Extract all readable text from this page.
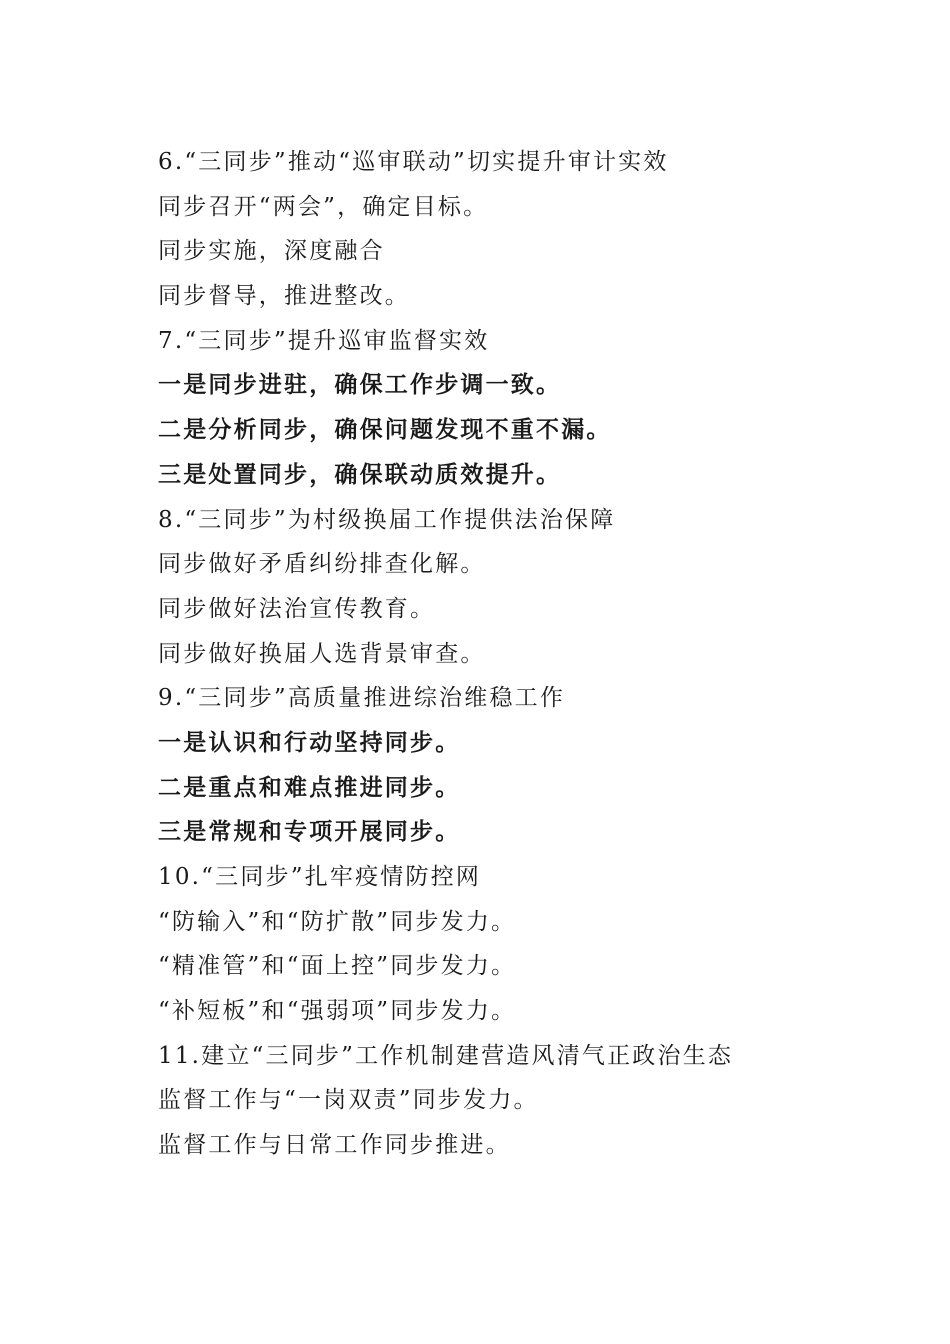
6.“三同步”推动“巡审联动”切实提升审计实效
同步召开“两会”，确定目标。
同步实施，深度融合
同步督导，推进整改。
7.“三同步”提升巡审监督实效
一是同步进驻，确保工作步调一致。
二是分析同步，确保问题发现不重不漏。
三是处置同步，确保联动质效提升。
8.“三同步”为村级换届工作提供法治保障
同步做好矛盾纠纷排查化解。
同步做好法治宣传教育。
同步做好换届人选背景审查。
9.“三同步”高质量推进综治维稳工作
一是认识和行动坚持同步。
二是重点和难点推进同步。
三是常规和专项开展同步。
10.“三同步”扎牢疫情防控网
“防输入”和“防扩散”同步发力。
“精准管”和“面上控”同步发力。
“补短板”和“强弱项”同步发力。
11.建立“三同步”工作机制建营造风清气正政治生态
监督工作与“一岗双责”同步发力。
监督工作与日常工作同步推进。
